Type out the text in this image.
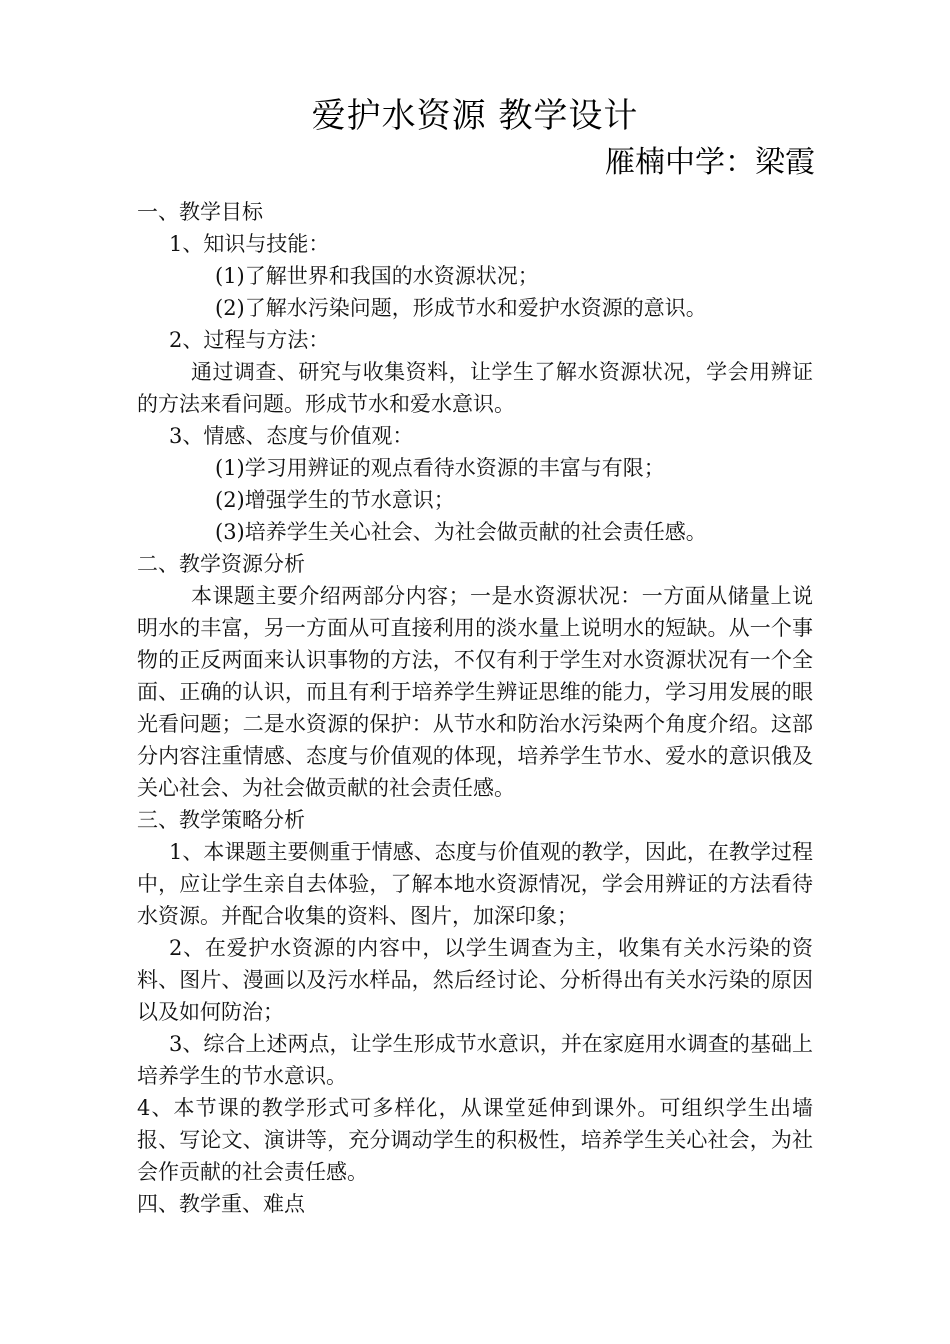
爱护水资源 教学设计
雁楠中学：梁霞

一、教学目标

1、知识与技能：

(1)了解世界和我国的水资源状况；

(2)了解水污染问题，形成节水和爱护水资源的意识。

2、过程与方法：

通过调查、研究与收集资料，让学生了解水资源状况，学会用辨证的方法来看问题。形成节水和爱水意识。

3、情感、态度与价值观：

(1)学习用辨证的观点看待水资源的丰富与有限；

(2)增强学生的节水意识；

(3)培养学生关心社会、为社会做贡献的社会责任感。

二、教学资源分析

本课题主要介绍两部分内容；一是水资源状况：一方面从储量上说明水的丰富，另一方面从可直接利用的淡水量上说明水的短缺。从一个事物的正反两面来认识事物的方法，不仅有利于学生对水资源状况有一个全面、正确的认识，而且有利于培养学生辨证思维的能力，学习用发展的眼光看问题；二是水资源的保护：从节水和防治水污染两个角度介绍。这部分内容注重情感、态度与价值观的体现，培养学生节水、爱水的意识俄及关心社会、为社会做贡献的社会责任感。

三、教学策略分析

1、本课题主要侧重于情感、态度与价值观的教学，因此，在教学过程中，应让学生亲自去体验，了解本地水资源情况，学会用辨证的方法看待水资源。并配合收集的资料、图片，加深印象；

2、在爱护水资源的内容中，以学生调查为主，收集有关水污染的资料、图片、漫画以及污水样品，然后经讨论、分析得出有关水污染的原因以及如何防治；

3、综合上述两点，让学生形成节水意识，并在家庭用水调查的基础上培养学生的节水意识。

4、本节课的教学形式可多样化，从课堂延伸到课外。可组织学生出墙报、写论文、演讲等，充分调动学生的积极性，培养学生关心社会，为社会作贡献的社会责任感。

四、教学重、难点
